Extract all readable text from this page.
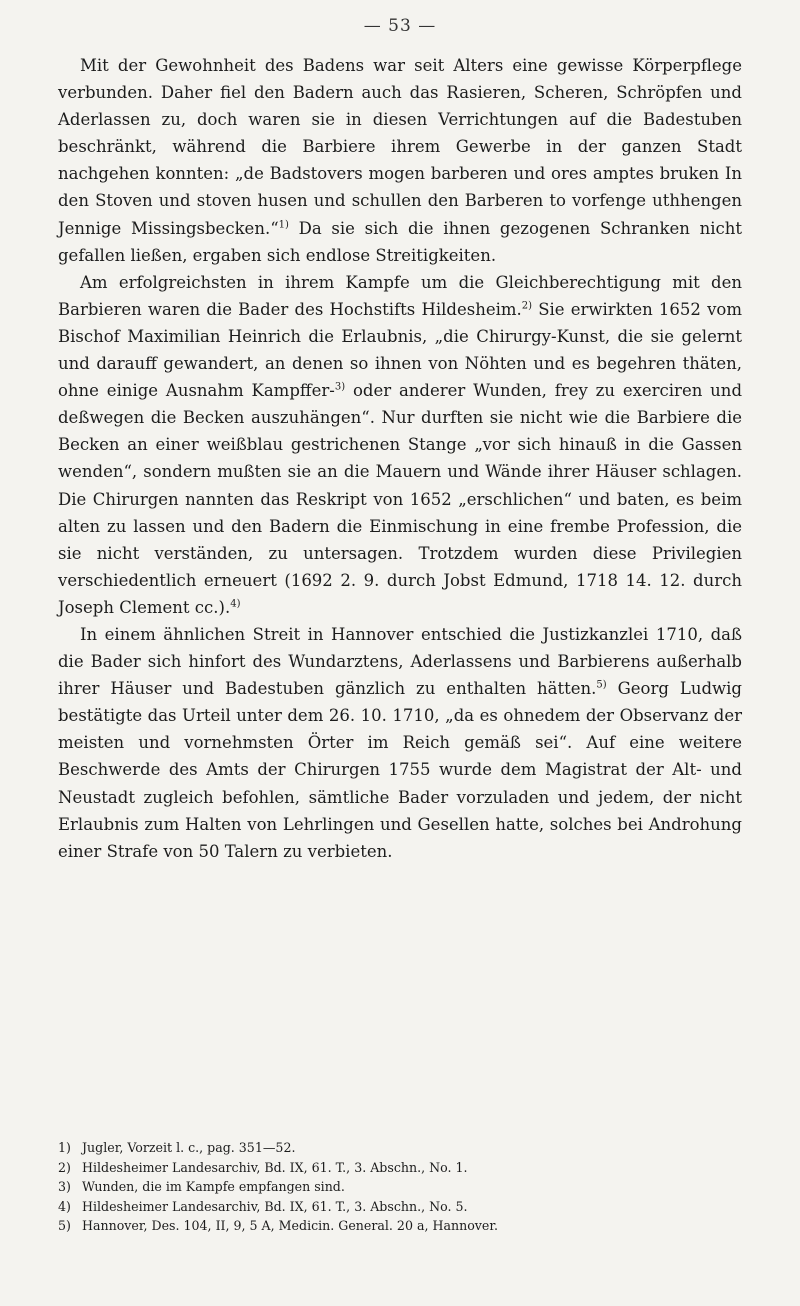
— 53 —

Mit der Gewohnheit des Badens war seit Alters eine gewisse Körperpflege verbunden. Daher fiel den Badern auch das Rasieren, Scheren, Schröpfen und Aderlassen zu, doch waren sie in diesen Verrichtungen auf die Badestuben beschränkt, während die Barbiere ihrem Gewerbe in der ganzen Stadt nachgehen konnten: „de Badstovers mogen barberen und ores amptes bruken In den Stoven und stoven husen und schullen den Barberen to vorfenge uthhengen Jennige Missingsbecken.“$^{1)}$ Da sie sich die ihnen gezogenen Schranken nicht gefallen ließen, ergaben sich endlose Streitigkeiten.

Am erfolgreichsten in ihrem Kampfe um die Gleichberechtigung mit den Barbieren waren die Bader des Hochstifts Hildesheim.$^{2)}$ Sie erwirkten 1652 vom Bischof Maximilian Heinrich die Erlaubnis, „die Chirurgy-Kunst, die sie gelernt und darauff gewandert, an denen so ihnen von Nöhten und es begehren thäten, ohne einige Ausnahm Kampffer-$^{3)}$ oder anderer Wunden, frey zu exerciren und deßwegen die Becken auszuhängen“. Nur durften sie nicht wie die Barbiere die Becken an einer weißblau gestrichenen Stange „vor sich hinauß in die Gassen wenden“, sondern mußten sie an die Mauern und Wände ihrer Häuser schlagen. Die Chirurgen nannten das Reskript von 1652 „erschlichen“ und baten, es beim alten zu lassen und den Badern die Einmischung in eine frembe Profession, die sie nicht verständen, zu untersagen. Trotzdem wurden diese Privilegien verschiedentlich erneuert (1692 2. 9. durch Jobst Edmund, 1718 14. 12. durch Joseph Clement cc.).$^{4)}$

In einem ähnlichen Streit in Hannover entschied die Justizkanzlei 1710, daß die Bader sich hinfort des Wundarztens, Aderlassens und Barbierens außerhalb ihrer Häuser und Badestuben gänzlich zu enthalten hätten.$^{5)}$ Georg Ludwig bestätigte das Urteil unter dem 26. 10. 1710, „da es ohnedem der Observanz der meisten und vornehmsten Örter im Reich gemäß sei“. Auf eine weitere Beschwerde des Amts der Chirurgen 1755 wurde dem Magistrat der Alt- und Neustadt zugleich befohlen, sämtliche Bader vorzuladen und jedem, der nicht Erlaubnis zum Halten von Lehrlingen und Gesellen hatte, solches bei Androhung einer Strafe von 50 Talern zu verbieten.

1) Jugler, Vorzeit l. c., pag. 351—52.
2) Hildesheimer Landesarchiv, Bd. IX, 61. T., 3. Abschn., No. 1.
3) Wunden, die im Kampfe empfangen sind.
4) Hildesheimer Landesarchiv, Bd. IX, 61. T., 3. Abschn., No. 5.
5) Hannover, Des. 104, II, 9, 5 A, Medicin. General. 20 a, Hannover.
